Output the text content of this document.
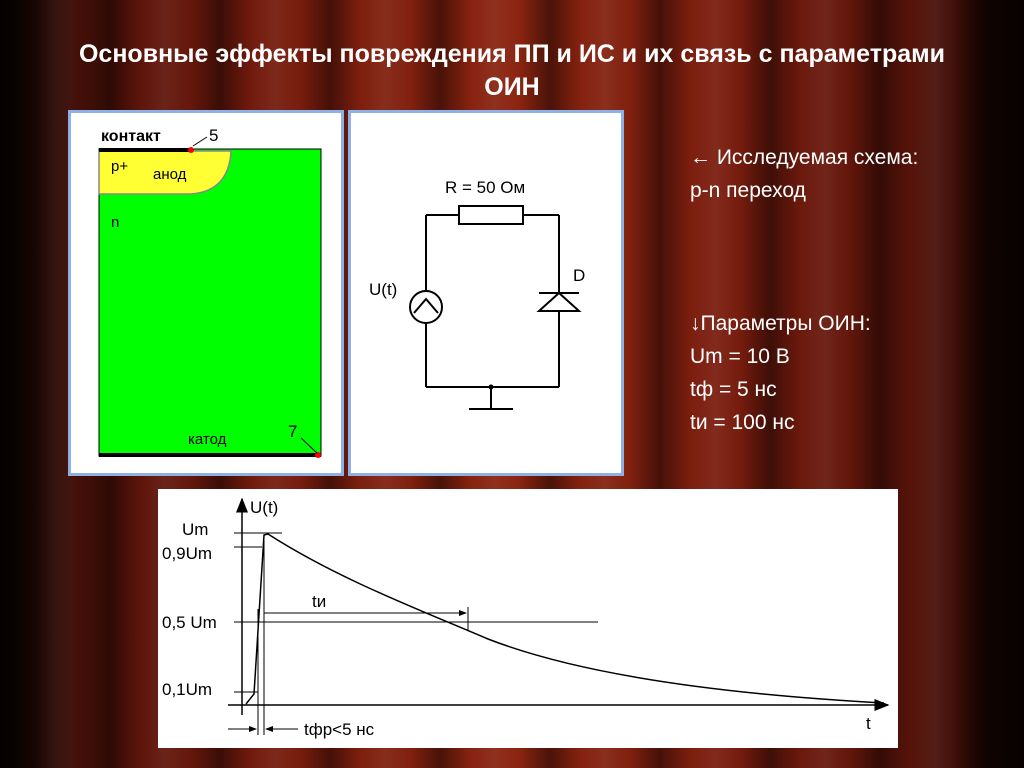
Основные эффекты повреждения ПП и ИС и их связь с параметрами ОИН
контакт	5
p+ анод
n
катод	7
R = 50 Ом
D
U(t)
← Исследуемая схема:
p-n переход
↓Параметры ОИН:
Um = 10 В
tф = 5 нс
tи = 100 нс
U(t)
t
Um
0,9Um
0,5 Um
0,1Um
tи
tфр<5 нс
